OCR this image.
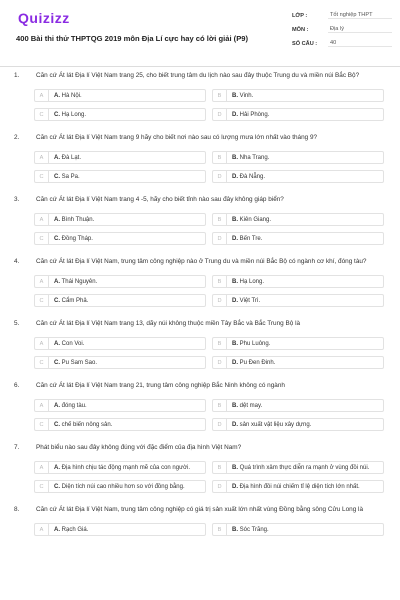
Quizizz
400 Bài thi thử THPTQG 2019 môn Địa Lí cực hay có lời giải (P9)
LỚP :	Tốt nghiệp THPT
MÔN :	Địa lý
SỐ CÂU :	40
1.	Căn cứ Át lát Địa lí Việt Nam trang 25, cho biết trung tâm du lịch nào sau đây thuộc Trung du và miền núi Bắc Bộ?
A	A. Hà Nội.	B	B. Vinh.
C	C. Hạ Long.	D	D. Hải Phòng.
2.	Căn cứ Át lát Địa lí Việt Nam trang 9 hãy cho biết nơi nào sau có lượng mưa lớn nhất vào tháng 9?
A	A. Đà Lạt.	B	B. Nha Trang.
C	C. Sa Pa.	D	D. Đà Nẵng.
3.	Căn cứ Át lát Địa lí Việt Nam trang 4 -5, hãy cho biết tỉnh nào sau đây không giáp biển?
A	A. Bình Thuận.	B	B. Kiên Giang.
C	C. Đồng Tháp.	D	D. Bến Tre.
4.	Căn cứ Át lát Địa lí Việt Nam, trung tâm công nghiệp nào ở Trung du và miền núi Bắc Bộ có ngành cơ khí, đóng tàu?
A	A. Thái Nguyên.	B	B. Hạ Long.
C	C. Cẩm Phả.	D	D. Việt Trì.
5.	Căn cứ Át lát Địa lí Việt Nam trang 13, dãy núi không thuộc miền Tây Bắc và Bắc Trung Bộ là
A	A. Con Voi.	B	B. Phu Luông.
C	C. Pu Sam Sao.	D	D. Pu Đen Đinh.
6.	Căn cứ Át lát Địa lí Việt Nam trang 21, trung tâm công nghiệp Bắc Ninh không có ngành
A	A. đóng tàu.	B	B. dệt may.
C	C. chế biến nông sản.	D	D. sản xuất vật liệu xây dựng.
7.	Phát biểu nào sau đây không đúng với đặc điểm của địa hình Việt Nam?
A	A. Địa hình chịu tác động mạnh mẽ của con người.	B	B. Quá trình xâm thực diễn ra mạnh ở vùng đồi núi.
C	C. Diện tích núi cao nhiều hơn so với đồng bằng.	D	D. Địa hình đồi núi chiếm tỉ lệ diện tích lớn nhất.
8.	Căn cứ Át lát Địa lí Việt Nam, trung tâm công nghiệp có giá trị sản xuất lớn nhất vùng Đồng bằng sông Cửu Long là
A	A. Rạch Giá.	B	B. Sóc Trăng.
